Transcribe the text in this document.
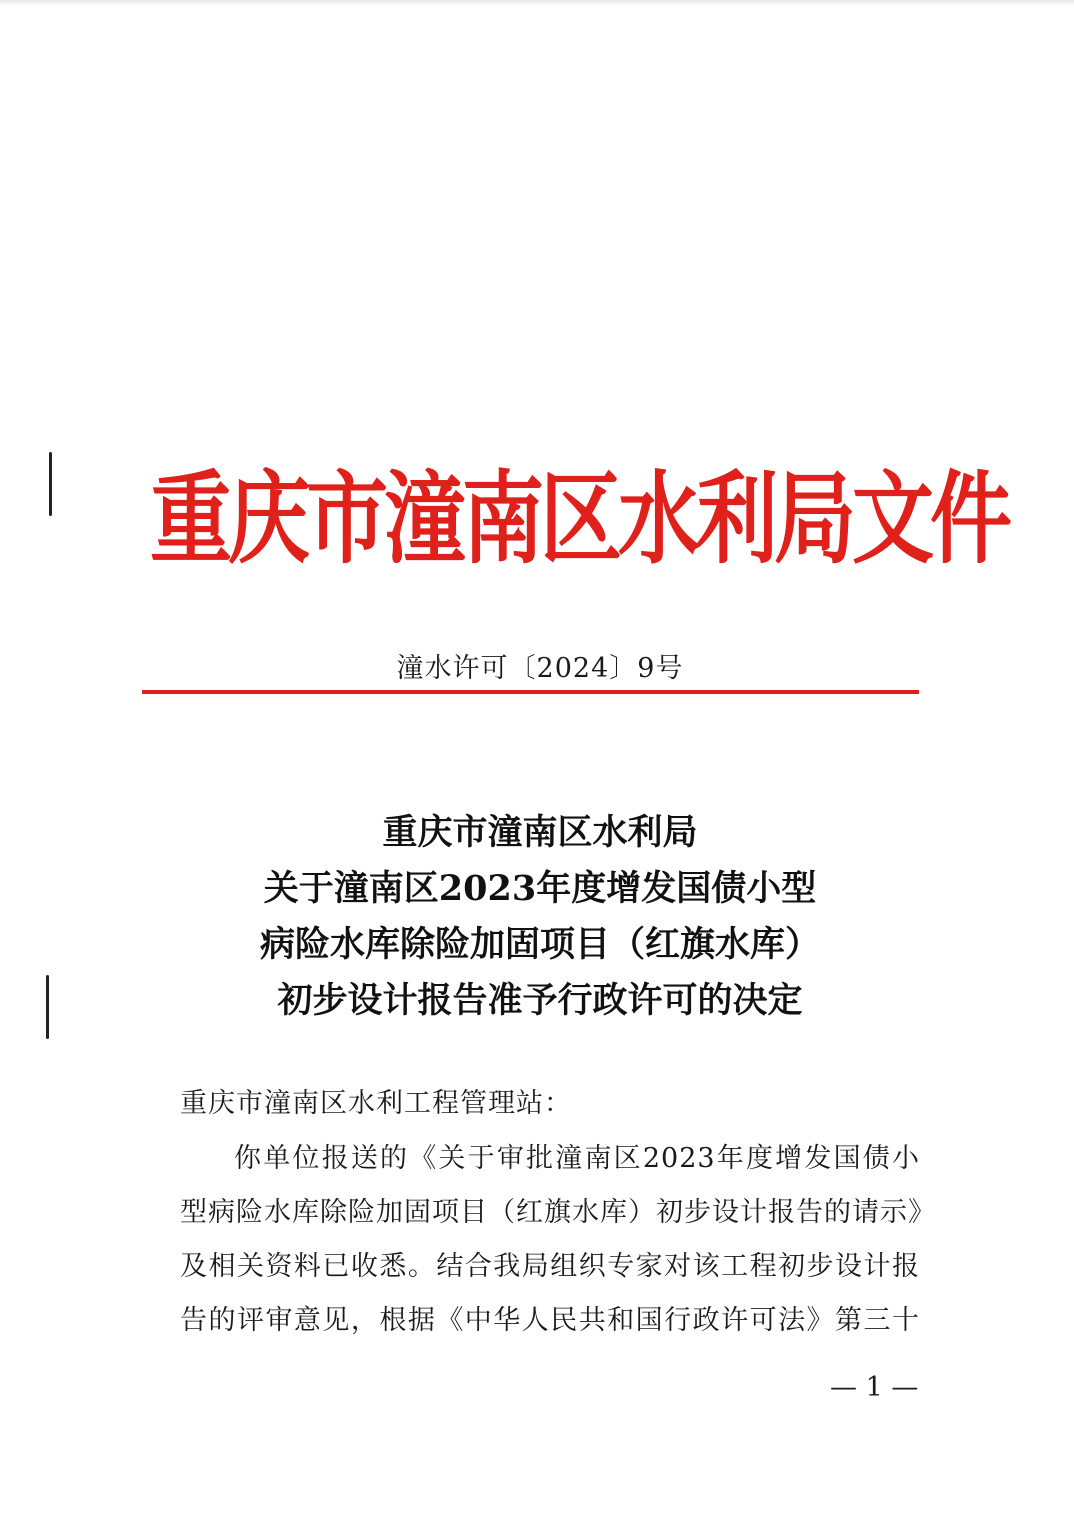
重庆市潼南区水利局文件
潼水许可〔2024〕9号
重庆市潼南区水利局
关于潼南区2023年度增发国债小型
病险水库除险加固项目（红旗水库）
初步设计报告准予行政许可的决定
重庆市潼南区水利工程管理站：
你单位报送的《关于审批潼南区2023年度增发国债小
型病险水库除险加固项目（红旗水库）初步设计报告的请示》
及相关资料已收悉。结合我局组织专家对该工程初步设计报
告的评审意见，根据《中华人民共和国行政许可法》第三十
— 1 —
